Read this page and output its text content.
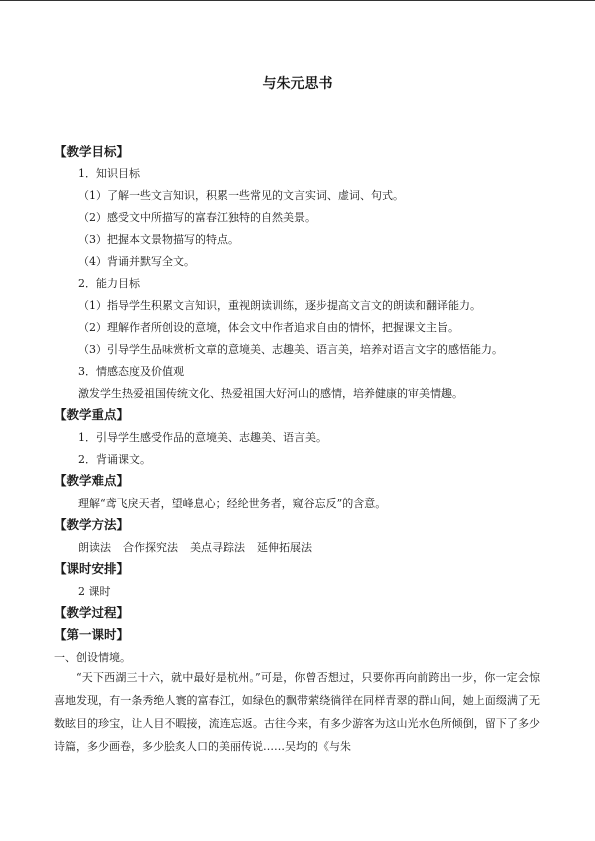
与朱元思书
【教学目标】
1．知识目标
（1）了解一些文言知识，积累一些常见的文言实词、虚词、句式。
（2）感受文中所描写的富春江独特的自然美景。
（3）把握本文景物描写的特点。
（4）背诵并默写全文。
2．能力目标
（1）指导学生积累文言知识，重视朗读训练，逐步提高文言文的朗读和翻译能力。
（2）理解作者所创设的意境，体会文中作者追求自由的情怀，把握课文主旨。
（3）引导学生品味赏析文章的意境美、志趣美、语言美，培养对语言文字的感悟能力。
3．情感态度及价值观
激发学生热爱祖国传统文化、热爱祖国大好河山的感情，培养健康的审美情趣。
【教学重点】
1．引导学生感受作品的意境美、志趣美、语言美。
2．背诵课文。
【教学难点】
理解“鸢飞戾天者，望峰息心；经纶世务者，窥谷忘反”的含意。
【教学方法】
朗读法 合作探究法 美点寻踪法 延伸拓展法
【课时安排】
2 课时
【教学过程】
【第一课时】
一、创设情境。
“天下西湖三十六，就中最好是杭州。”可是，你曾否想过，只要你再向前跨出一步，你一定会惊喜地发现，有一条秀绝人寰的富春江，如绿色的飘带萦绕徜徉在同样青翠的群山间，她上面缀满了无数眩目的珍宝，让人目不暇接，流连忘返。古往今来，有多少游客为这山光水色所倾倒，留下了多少诗篇，多少画卷，多少脍炙人口的美丽传说……吴均的《与朱
